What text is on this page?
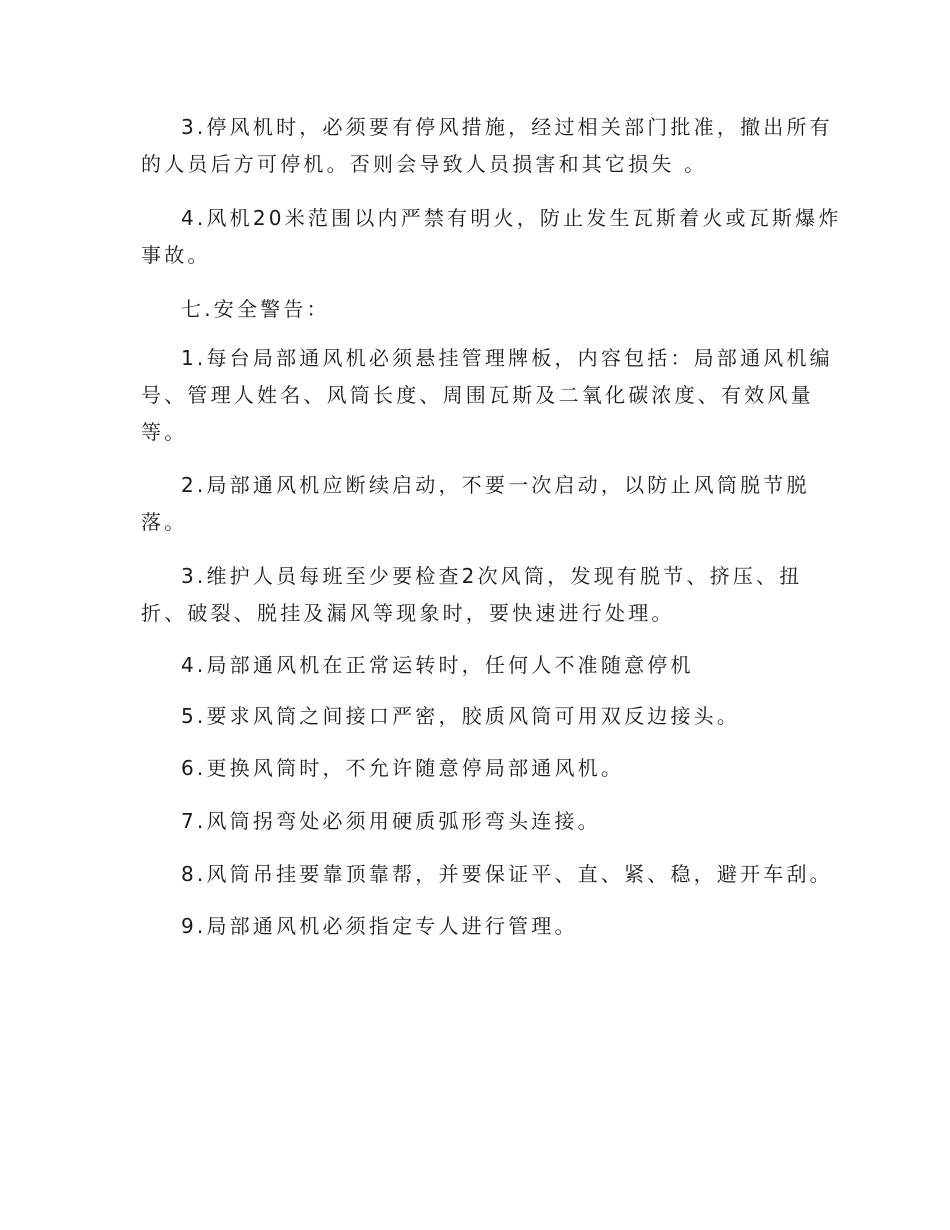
3.停风机时，必须要有停风措施，经过相关部门批准，撤出所有
的人员后方可停机。否则会导致人员损害和其它损失 。

4.风机20米范围以内严禁有明火，防止发生瓦斯着火或瓦斯爆炸
事故。

七.安全警告：

1.每台局部通风机必须悬挂管理牌板，内容包括：局部通风机编
号、管理人姓名、风筒长度、周围瓦斯及二氧化碳浓度、有效风量
等。

2.局部通风机应断续启动，不要一次启动，以防止风筒脱节脱
落。

3.维护人员每班至少要检查2次风筒，发现有脱节、挤压、扭
折、破裂、脱挂及漏风等现象时，要快速进行处理。

4.局部通风机在正常运转时，任何人不准随意停机

5.要求风筒之间接口严密，胶质风筒可用双反边接头。

6.更换风筒时，不允许随意停局部通风机。

7.风筒拐弯处必须用硬质弧形弯头连接。

8.风筒吊挂要靠顶靠帮，并要保证平、直、紧、稳，避开车刮。

9.局部通风机必须指定专人进行管理。
